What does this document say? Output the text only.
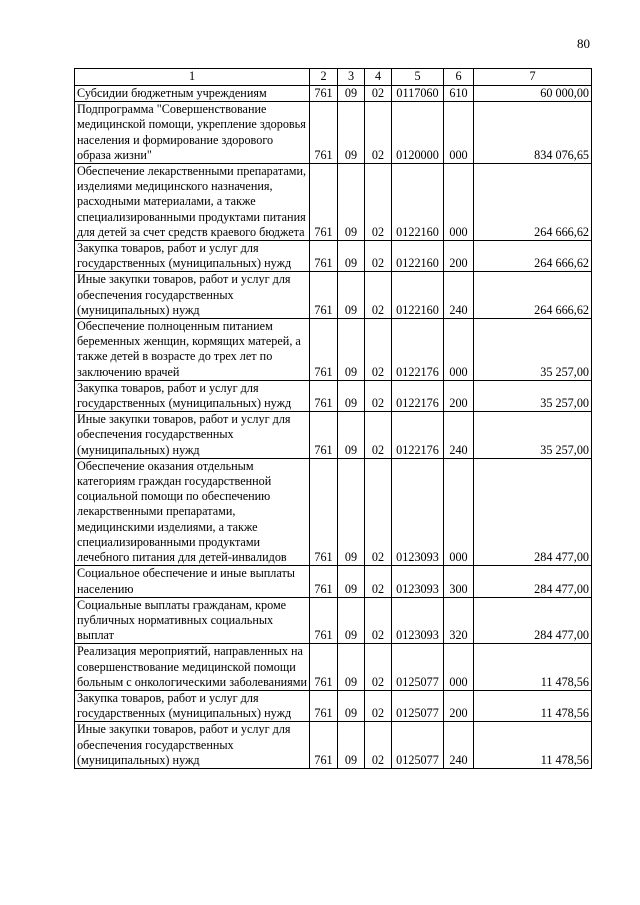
80
1	2	3	4	5	6	7
Субсидии бюджетным учреждениям	761	09	02	0117060	610	60 000,00
Подпрограмма "Совершенствование медицинской помощи, укрепление здоровья населения и формирование здорового образа жизни"	761	09	02	0120000	000	834 076,65
Обеспечение лекарственными препаратами, изделиями медицинского назначения, расходными материалами, а также специализированными продуктами питания для детей за счет средств краевого бюджета	761	09	02	0122160	000	264 666,62
Закупка товаров, работ и услуг для государственных (муниципальных) нужд	761	09	02	0122160	200	264 666,62
Иные закупки товаров, работ и услуг для обеспечения государственных (муниципальных) нужд	761	09	02	0122160	240	264 666,62
Обеспечение полноценным питанием беременных женщин, кормящих матерей, а также детей в возрасте до трех лет по заключению врачей	761	09	02	0122176	000	35 257,00
Закупка товаров, работ и услуг для государственных (муниципальных) нужд	761	09	02	0122176	200	35 257,00
Иные закупки товаров, работ и услуг для обеспечения государственных (муниципальных) нужд	761	09	02	0122176	240	35 257,00
Обеспечение оказания отдельным категориям граждан государственной социальной помощи по обеспечению лекарственными препаратами, медицинскими изделиями, а также специализированными продуктами лечебного питания для детей-инвалидов	761	09	02	0123093	000	284 477,00
Социальное обеспечение и иные выплаты населению	761	09	02	0123093	300	284 477,00
Социальные выплаты гражданам, кроме публичных нормативных социальных выплат	761	09	02	0123093	320	284 477,00
Реализация мероприятий, направленных на совершенствование медицинской помощи больным с онкологическими заболеваниями	761	09	02	0125077	000	11 478,56
Закупка товаров, работ и услуг для государственных (муниципальных) нужд	761	09	02	0125077	200	11 478,56
Иные закупки товаров, работ и услуг для обеспечения государственных (муниципальных) нужд	761	09	02	0125077	240	11 478,56
